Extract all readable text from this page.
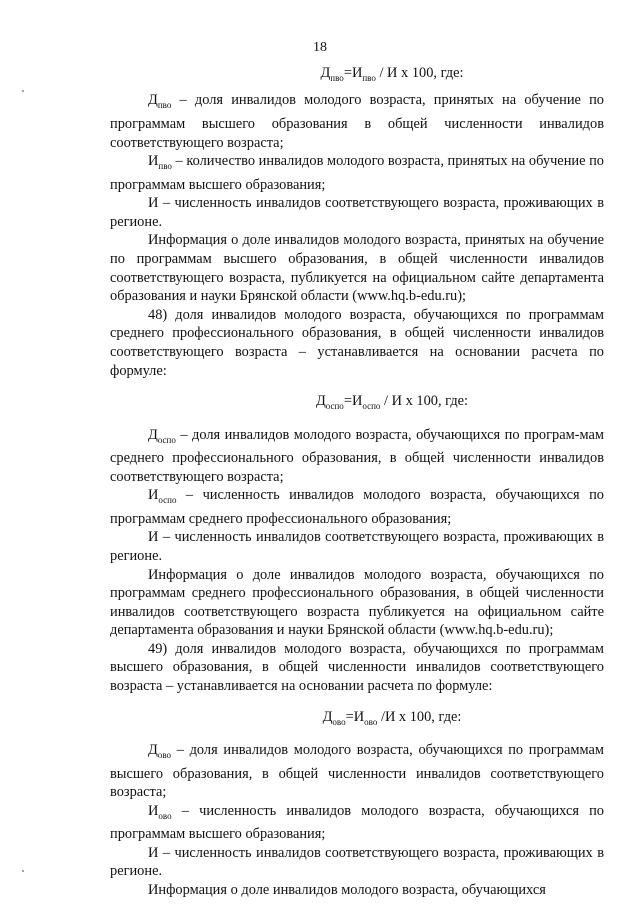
18
$Д_{пво}=И_{пво} / И$ х 100, где:

$Д_{пво}$ – доля инвалидов молодого возраста, принятых на обучение по программам высшего образования в общей численности инвалидов соответствующего возраста;

$И_{пво}$ – количество инвалидов молодого возраста, принятых на обучение по программам высшего образования;

И – численность инвалидов соответствующего возраста, проживающих в регионе.

Информация о доле инвалидов молодого возраста, принятых на обучение по программам высшего образования, в общей численности инвалидов соответствующего возраста, публикуется на официальном сайте департамента образования и науки Брянской области (www.hq.b-edu.ru);

48) доля инвалидов молодого возраста, обучающихся по программам среднего профессионального образования, в общей численности инвалидов соответствующего возраста – устанавливается на основании расчета по формуле:

$Д_{оспо}=И_{оспо} / И$ х 100, где:

$Д_{оспо}$ – доля инвалидов молодого возраста, обучающихся по програм-мам среднего профессионального образования, в общей численности инвалидов соответствующего возраста;

$И_{оспо}$ – численность инвалидов молодого возраста, обучающихся по программам среднего профессионального образования;

И – численность инвалидов соответствующего возраста, проживающих в регионе.

Информация о доле инвалидов молодого возраста, обучающихся по программам среднего профессионального образования, в общей численности инвалидов соответствующего возраста публикуется на официальном сайте департамента образования и науки Брянской области (www.hq.b-edu.ru);

49) доля инвалидов молодого возраста, обучающихся по программам высшего образования, в общей численности инвалидов соответствующего возраста – устанавливается на основании расчета по формуле:

$Д_{ово}=И_{ово}$ /И х 100, где:

$Д_{ово}$ – доля инвалидов молодого возраста, обучающихся по программам высшего образования, в общей численности инвалидов соответствующего возраста;

$И_{ово}$ – численность инвалидов молодого возраста, обучающихся по программам высшего образования;

И – численность инвалидов соответствующего возраста, проживающих в регионе.

Информация о доле инвалидов молодого возраста, обучающихся
